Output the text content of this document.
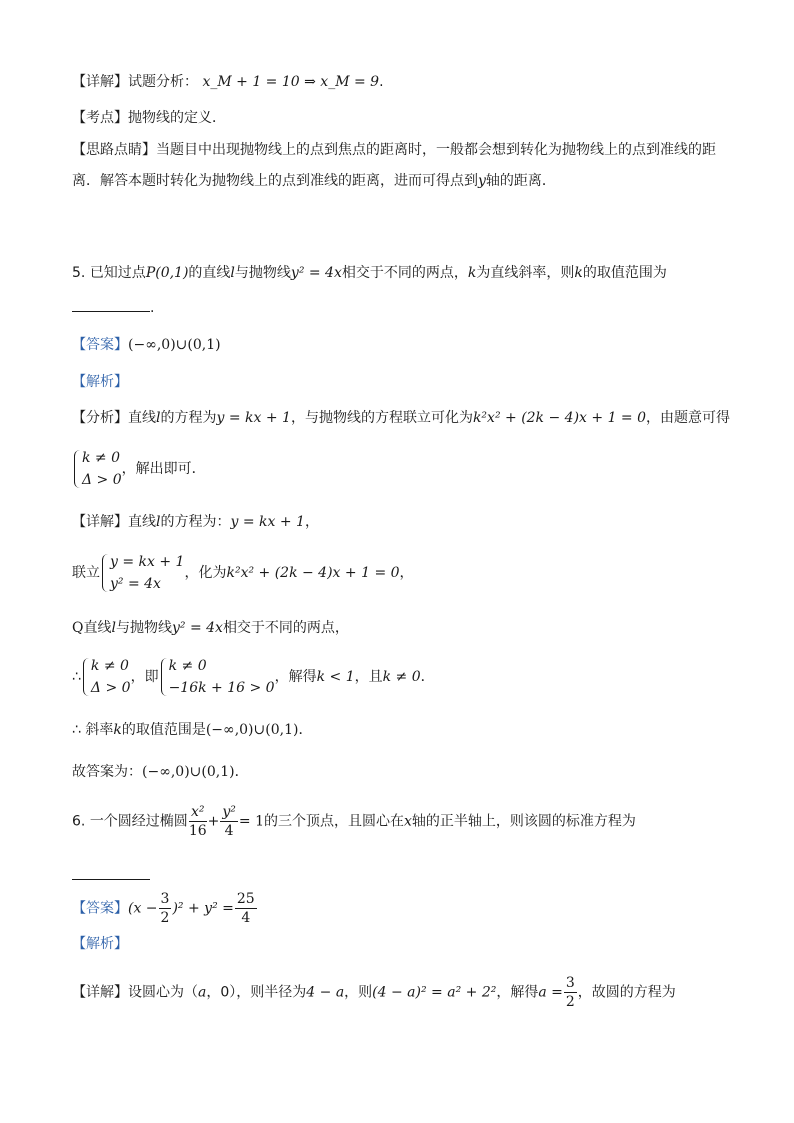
【详解】试题分析： x_M + 1 = 10 ⇒ x_M = 9.
【考点】抛物线的定义．
【思路点睛】当题目中出现抛物线上的点到焦点的距离时，一般都会想到转化为抛物线上的点到准线的距
离．解答本题时转化为抛物线上的点到准线的距离，进而可得点到y轴的距离．
5. 已知过点P(0,1)的直线l与抛物线y² = 4x相交于不同的两点，k为直线斜率，则k的取值范围为
.
【答案】(−∞,0)∪(0,1)
【解析】
【分析】直线l的方程为y = kx + 1，与抛物线的方程联立可化为k²x² + (2k − 4)x + 1 = 0，由题意可得
k ≠ 0
Δ > 0
，解出即可．
【详解】直线l的方程为：y = kx + 1，
联立
y = kx + 1
y² = 4x
，化为k²x² + (2k − 4)x + 1 = 0，
Q直线l与抛物线y² = 4x相交于不同的两点，
∴
k ≠ 0
Δ > 0
，即
k ≠ 0
−16k + 16 > 0
，解得k < 1，且k ≠ 0．
∴ 斜率k的取值范围是(−∞,0)∪(0,1)．
故答案为：(−∞,0)∪(0,1)．
6. 一个圆经过椭圆 $\frac{\text{x²}}{16} + \frac{\text{y²}}{4} = 1$的三个顶点，且圆心在x轴的正半轴上，则该圆的标准方程为
【答案】$(x - \frac{3}{2} )^2 + y^2 = \frac{25}{4}$
【解析】
【详解】设圆心为（a，0），则半径为4 − a，则(4 − a)² = a² + 2²，解得$a = \frac{3}{2}$ ，故圆的方程为
